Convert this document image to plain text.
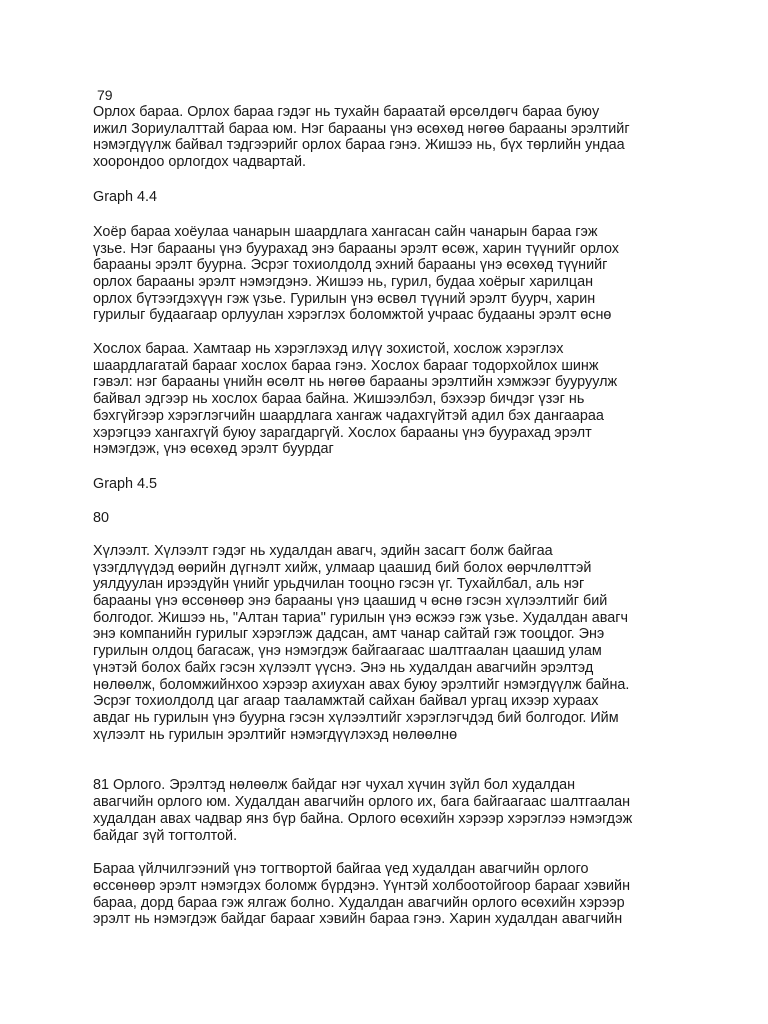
79

Орлох бараа. Орлох бараа гэдэг нь тухайн бараатай өрсөлдөгч бараа буюу
ижил Зориулалттай бараа юм. Нэг барааны үнэ өсөхөд нөгөө барааны эрэлтийг
нэмэгдүүлж байвал тэдгээрийг орлох бараа гэнэ. Жишээ нь, бүх төрлийн ундаа
хоорондоо орлогдох чадвартай.

Graph 4.4

Хоёр бараа хоёулаа чанарын шаардлага хангасан сайн чанарын бараа гэж
үзье. Нэг барааны үнэ буурахад энэ барааны эрэлт өсөж, харин түүнийг орлох
барааны эрэлт буурна. Эсрэг тохиолдолд эхний барааны үнэ өсөхөд түүнийг
орлох барааны эрэлт нэмэгдэнэ. Жишээ нь, гурил, будаа хоёрыг харилцан
орлох бүтээгдэхүүн гэж үзье. Гурилын үнэ өсвөл түүний эрэлт буурч, харин
гурилыг будаагаар орлуулан хэрэглэх боломжтой учраас будааны эрэлт өснө

Хослох бараа. Хамтаар нь хэрэглэхэд илүү зохистой, хослож хэрэглэх
шаардлагатай барааг хослох бараа гэнэ. Хослох барааг тодорхойлох шинж
гэвэл: нэг барааны үнийн өсөлт нь нөгөө барааны эрэлтийн хэмжээг бууруулж
байвал эдгээр нь хослох бараа байна. Жишээлбэл, бэхээр бичдэг үзэг нь
бэхгүйгээр хэрэглэгчийн шаардлага хангаж чадахгүйтэй адил бэх дангаараа
хэрэгцээ хангахгүй буюу зарагдаргүй. Хослох барааны үнэ буурахад эрэлт
нэмэгдэж, үнэ өсөхөд эрэлт буурдаг

Graph 4.5

80

Хүлээлт. Хүлээлт гэдэг нь худалдан авагч, эдийн засагт болж байгаа
үзэгдлүүдэд өөрийн дүгнэлт хийж, улмаар цаашид бий болох өөрчлөлттэй
уялдуулан ирээдүйн үнийг урьдчилан тооцно гэсэн үг. Тухайлбал, аль нэг
барааны үнэ өссөнөөр энэ барааны үнэ цаашид ч өснө гэсэн хүлээлтийг бий
болгодог. Жишээ нь, "Алтан тариа" гурилын үнэ өсжээ гэж үзье. Худалдан авагч
энэ компанийн гурилыг хэрэглэж дадсан, амт чанар сайтай гэж тооцдог. Энэ
гурилын олдоц багасаж, үнэ нэмэгдэж байгаагаас шалтгаалан цаашид улам
үнэтэй болох байх гэсэн хүлээлт үүснэ. Энэ нь худалдан авагчийн эрэлтэд
нөлөөлж, боломжийнхоо хэрээр ахиухан авах буюу эрэлтийг нэмэгдүүлж байна.
Эсрэг тохиолдолд цаг агаар тааламжтай сайхан байвал ургац ихээр хураах
авдаг нь гурилын үнэ буурна гэсэн хүлээлтийг хэрэглэгчдэд бий болгодог. Ийм
хүлээлт нь гурилын эрэлтийг нэмэгдүүлэхэд нөлөөлнө

81 Орлого. Эрэлтэд нөлөөлж байдаг нэг чухал хүчин зүйл бол худалдан
авагчийн орлого юм. Худалдан авагчийн орлого их, бага байгаагаас шалтгаалан
худалдан авах чадвар янз бүр байна. Орлого өсөхийн хэрээр хэрэглээ нэмэгдэж
байдаг зүй тогтолтой.

Бараа үйлчилгээний үнэ тогтвортой байгаа үед худалдан авагчийн орлого
өссөнөөр эрэлт нэмэгдэх боломж бүрдэнэ. Үүнтэй холбоотойгоор барааг хэвийн
бараа, дорд бараа гэж ялгаж болно. Худалдан авагчийн орлого өсөхийн хэрээр
эрэлт нь нэмэгдэж байдаг барааг хэвийн бараа гэнэ. Харин худалдан авагчийн
